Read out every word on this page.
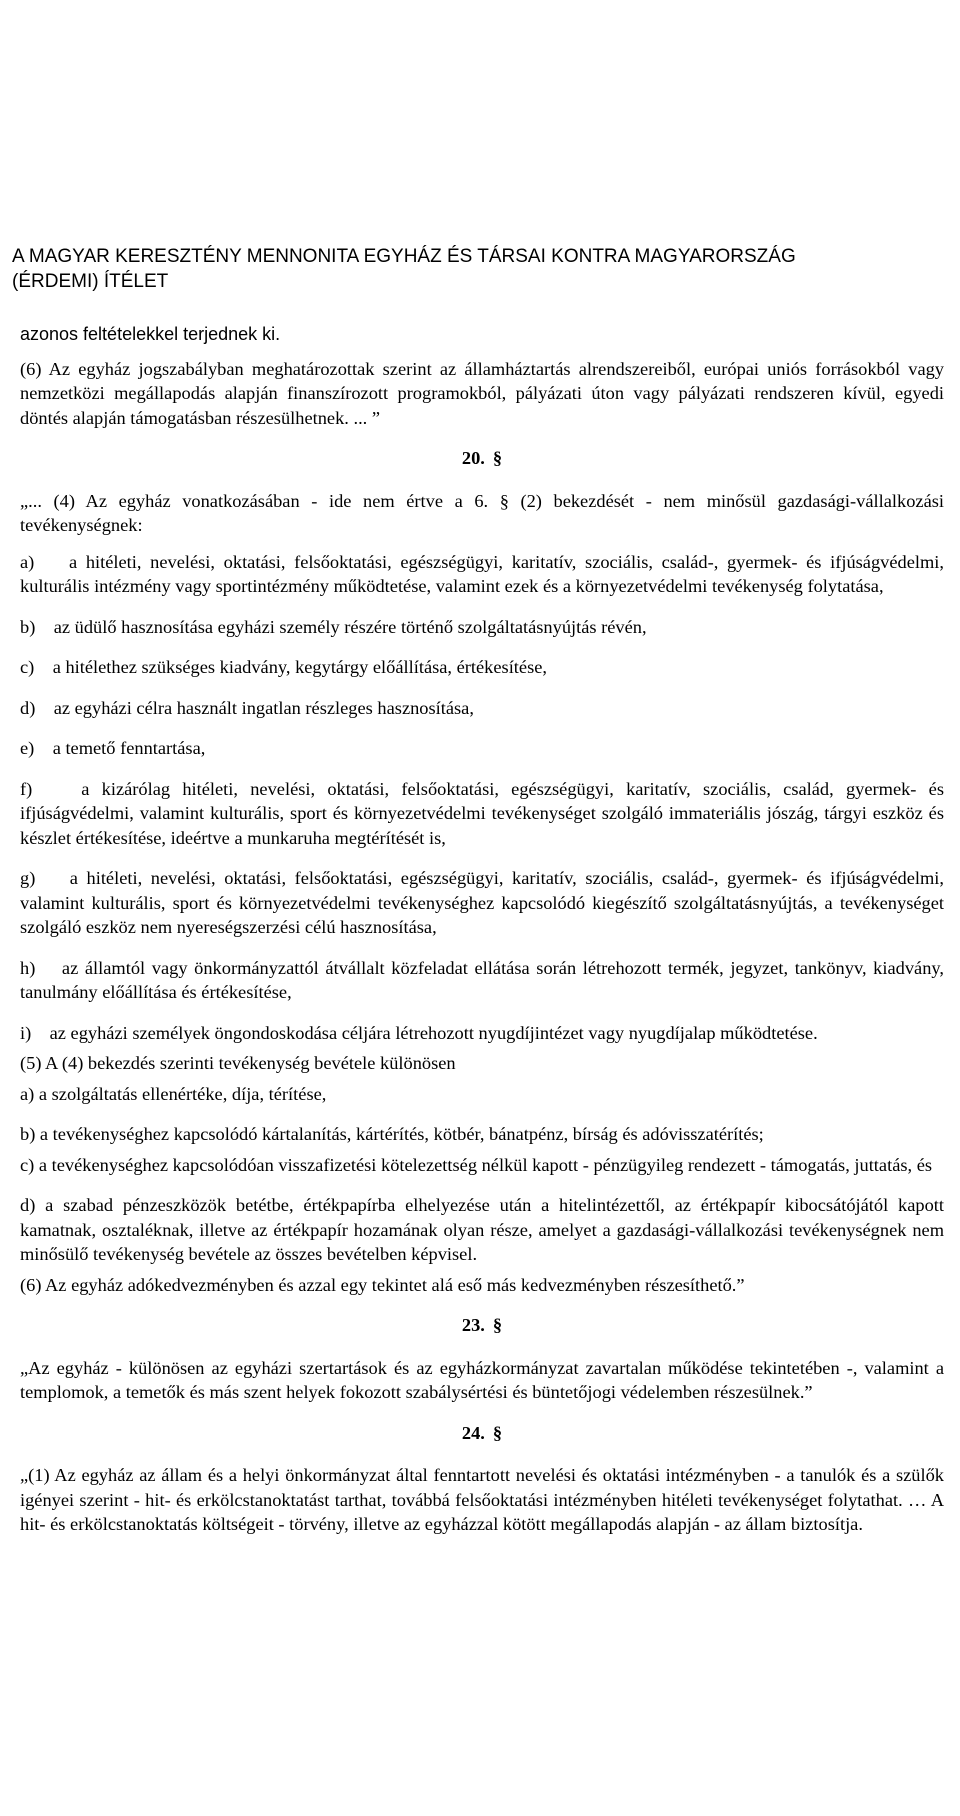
A MAGYAR KERESZTÉNY MENNONITA EGYHÁZ ÉS TÁRSAI KONTRA MAGYARORSZÁG
(ÉRDEMI) ÍTÉLET

azonos feltételekkel terjednek ki.

(6) Az egyház jogszabályban meghatározottak szerint az államháztartás alrendszereiből, európai uniós forrásokból vagy nemzetközi megállapodás alapján finanszírozott programokból, pályázati úton vagy pályázati rendszeren kívül, egyedi döntés alapján támogatásban részesülhetnek. ... ”

20. §

„... (4) Az egyház vonatkozásában - ide nem értve a 6. § (2) bekezdését - nem minősül gazdasági-vállalkozási tevékenységnek:

a) a hitéleti, nevelési, oktatási, felsőoktatási, egészségügyi, karitatív, szociális, család-, gyermek- és ifjúságvédelmi, kulturális intézmény vagy sportintézmény működtetése, valamint ezek és a környezetvédelmi tevékenység folytatása,

b) az üdülő hasznosítása egyházi személy részére történő szolgáltatásnyújtás révén,

c) a hitélethez szükséges kiadvány, kegytárgy előállítása, értékesítése,

d) az egyházi célra használt ingatlan részleges hasznosítása,

e) a temető fenntartása,

f)	a kizárólag hitéleti, nevelési, oktatási, felsőoktatási, egészségügyi, karitatív, szociális, család, gyermek- és ifjúságvédelmi, valamint kulturális, sport és környezetvédelmi tevékenységet szolgáló immateriális jószág, tárgyi eszköz és készlet értékesítése, ideértve a munkaruha megtérítését is,

g) a hitéleti, nevelési, oktatási, felsőoktatási, egészségügyi, karitatív, szociális, család-, gyermek- és ifjúságvédelmi, valamint kulturális, sport és környezetvédelmi tevékenységhez kapcsolódó kiegészítő szolgáltatásnyújtás, a tevékenységet szolgáló eszköz nem nyereségszerzési célú hasznosítása,

h) az államtól vagy önkormányzattól átvállalt közfeladat ellátása során létrehozott termék, jegyzet, tankönyv, kiadvány, tanulmány előállítása és értékesítése,

i) az egyházi személyek öngondoskodása céljára létrehozott nyugdíjintézet vagy nyugdíjalap működtetése.

(5) A (4) bekezdés szerinti tevékenység bevétele különösen

a) a szolgáltatás ellenértéke, díja, térítése,

b) a tevékenységhez kapcsolódó kártalanítás, kártérítés, kötbér, bánatpénz, bírság és adóvisszatérítés;

c) a tevékenységhez kapcsolódóan visszafizetési kötelezettség nélkül kapott - pénzügyileg rendezett - támogatás, juttatás, és

d) a szabad pénzeszközök betétbe, értékpapírba elhelyezése után a hitelintézettől, az értékpapír kibocsátójától kapott kamatnak, osztaléknak, illetve az értékpapír hozamának olyan része, amelyet a gazdasági-vállalkozási tevékenységnek nem minősülő tevékenység bevétele az összes bevételben képvisel.

(6) Az egyház adókedvezményben és azzal egy tekintet alá eső más kedvezményben részesíthető.”

23. §

„Az egyház - különösen az egyházi szertartások és az egyházkormányzat zavartalan működése tekintetében -, valamint a templomok, a temetők és más szent helyek fokozott szabálysértési és büntetőjogi védelemben részesülnek.”

24. §

„(1) Az egyház az állam és a helyi önkormányzat által fenntartott nevelési és oktatási intézményben - a tanulók és a szülők igényei szerint - hit- és erkölcstanoktatást tarthat, továbbá felsőoktatási intézményben hitéleti tevékenységet folytathat. … A hit- és erkölcstanoktatás költségeit - törvény, illetve az egyházzal kötött megállapodás alapján - az állam biztosítja.
